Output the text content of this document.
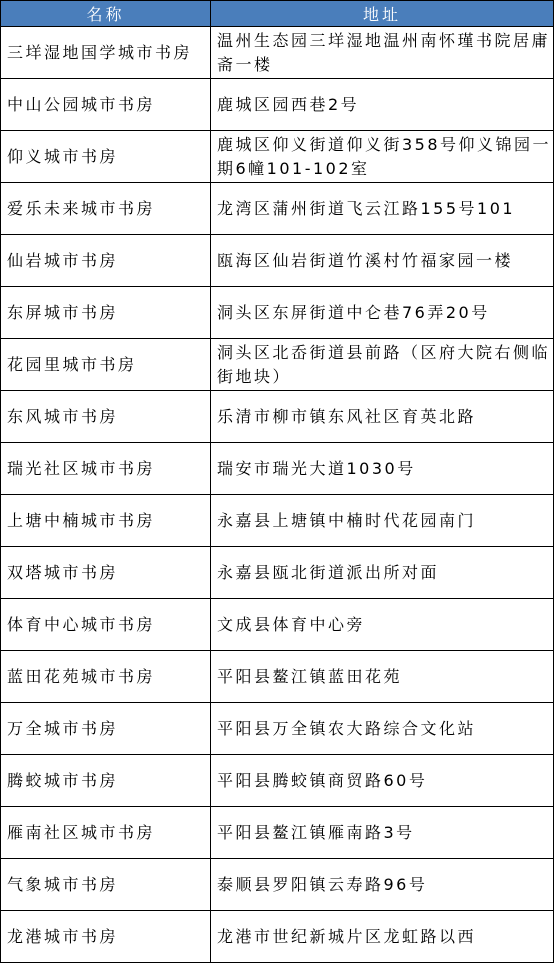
名称	地址
三垟湿地国学城市书房	温州生态园三垟湿地温州南怀瑾书院居庸斋一楼
中山公园城市书房	鹿城区园西巷2号
仰义城市书房	鹿城区仰义街道仰义街358号仰义锦园一期6幢101-102室
爱乐未来城市书房	龙湾区蒲州街道飞云江路155号101
仙岩城市书房	瓯海区仙岩街道竹溪村竹福家园一楼
东屏城市书房	洞头区东屏街道中仑巷76弄20号
花园里城市书房	洞头区北岙街道县前路（区府大院右侧临街地块）
东风城市书房	乐清市柳市镇东风社区育英北路
瑞光社区城市书房	瑞安市瑞光大道1030号
上塘中楠城市书房	永嘉县上塘镇中楠时代花园南门
双塔城市书房	永嘉县瓯北街道派出所对面
体育中心城市书房	文成县体育中心旁
蓝田花苑城市书房	平阳县鳌江镇蓝田花苑
万全城市书房	平阳县万全镇农大路综合文化站
腾蛟城市书房	平阳县腾蛟镇商贸路60号
雁南社区城市书房	平阳县鳌江镇雁南路3号
气象城市书房	泰顺县罗阳镇云寿路96号
龙港城市书房	龙港市世纪新城片区龙虹路以西
